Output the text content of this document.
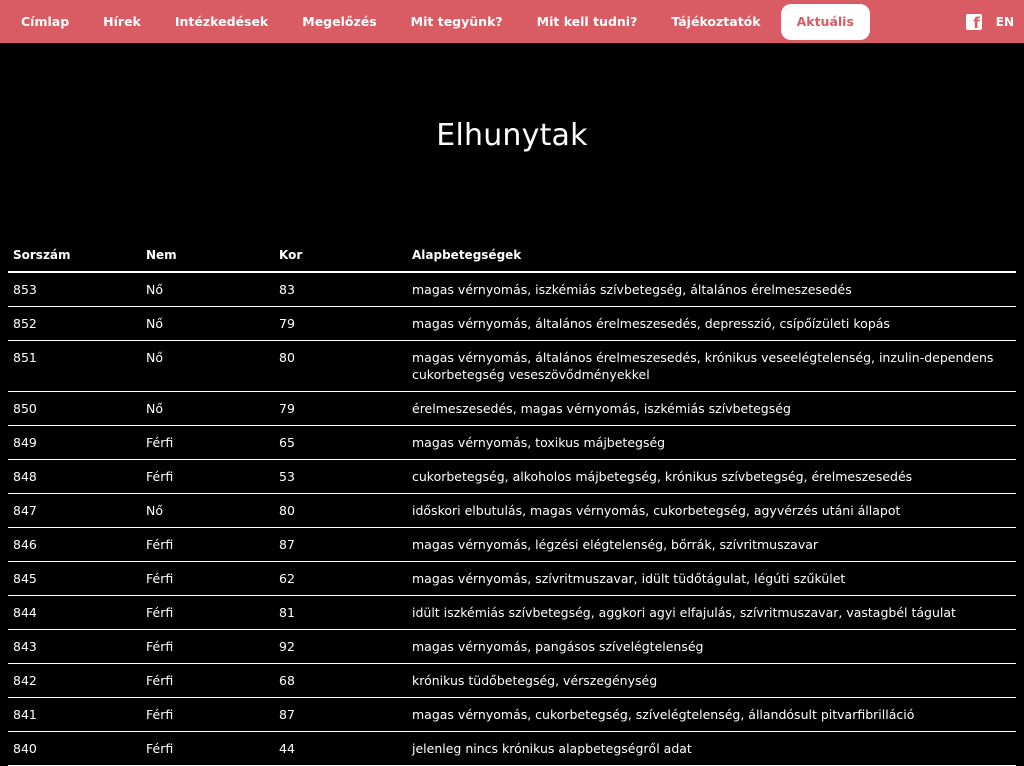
Címlap	Hírek	Intézkedések	Megelőzés	Mit tegyünk?	Mit kell tudni?	Tájékoztatók	Aktuális	f EN
Elhunytak
Sorszám	Nem	Kor	Alapbetegségek
853	Nő	83	magas vérnyomás, iszkémiás szívbetegség, általános érelmeszesedés
852	Nő	79	magas vérnyomás, általános érelmeszesedés, depresszió, csípőízületi kopás
851	Nő	80	magas vérnyomás, általános érelmeszesedés, krónikus veseelégtelenség, inzulin-dependens cukorbetegség veseszövődményekkel
850	Nő	79	érelmeszesedés, magas vérnyomás, iszkémiás szívbetegség
849	Férfi	65	magas vérnyomás, toxikus májbetegség
848	Férfi	53	cukorbetegség, alkoholos májbetegség, krónikus szívbetegség, érelmeszesedés
847	Nő	80	időskori elbutulás, magas vérnyomás, cukorbetegség, agyvérzés utáni állapot
846	Férfi	87	magas vérnyomás, légzési elégtelenség, bőrrák, szívritmuszavar
845	Férfi	62	magas vérnyomás, szívritmuszavar, idült tüdőtágulat, légúti szűkület
844	Férfi	81	idült iszkémiás szívbetegség, aggkori agyi elfajulás, szívritmuszavar, vastagbél tágulat
843	Férfi	92	magas vérnyomás, pangásos szívelégtelenség
842	Férfi	68	krónikus tüdőbetegség, vérszegénység
841	Férfi	87	magas vérnyomás, cukorbetegség, szívelégtelenség, állandósult pitvarfibrilláció
840	Férfi	44	jelenleg nincs krónikus alapbetegségről adat
